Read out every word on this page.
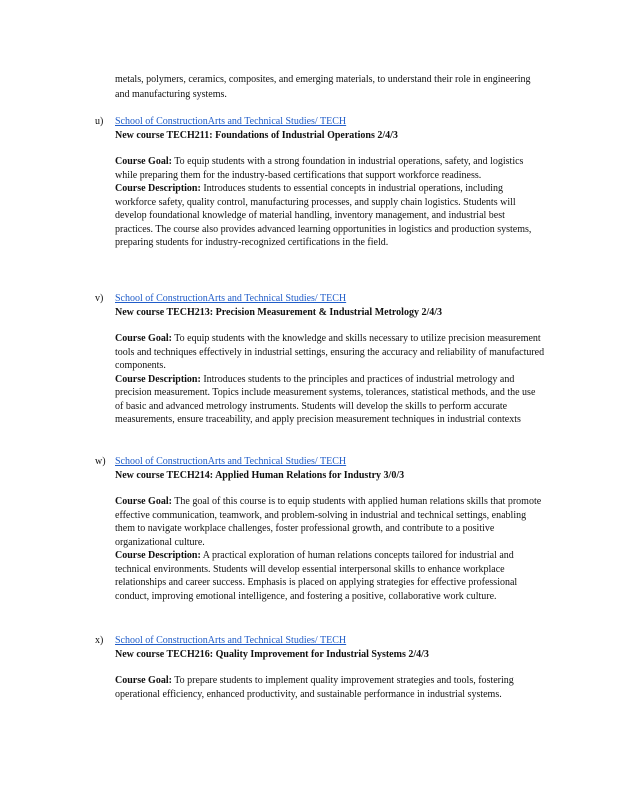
metals, polymers, ceramics, composites, and emerging materials, to understand their role in engineering and manufacturing systems.
u)	School of ConstructionArts and Technical Studies/ TECH
New course TECH211: Foundations of Industrial Operations 2/4/3

Course Goal: To equip students with a strong foundation in industrial operations, safety, and logistics while preparing them for the industry-based certifications that support workforce readiness.

Course Description: Introduces students to essential concepts in industrial operations, including workforce safety, quality control, manufacturing processes, and supply chain logistics. Students will develop foundational knowledge of material handling, inventory management, and industrial best practices. The course also provides advanced learning opportunities in logistics and production systems, preparing students for industry-recognized certifications in the field.

v)	School of ConstructionArts and Technical Studies/ TECH
New course TECH213: Precision Measurement & Industrial Metrology 2/4/3

Course Goal: To equip students with the knowledge and skills necessary to utilize precision measurement tools and techniques effectively in industrial settings, ensuring the accuracy and reliability of manufactured components.

Course Description: Introduces students to the principles and practices of industrial metrology and precision measurement. Topics include measurement systems, tolerances, statistical methods, and the use of basic and advanced metrology instruments. Students will develop the skills to perform accurate measurements, ensure traceability, and apply precision measurement techniques in industrial contexts

w) School of ConstructionArts and Technical Studies/ TECH
New course TECH214: Applied Human Relations for Industry 3/0/3

Course Goal: The goal of this course is to equip students with applied human relations skills that promote effective communication, teamwork, and problem-solving in industrial and technical settings, enabling them to navigate workplace challenges, foster professional growth, and contribute to a positive organizational culture.

Course Description: A practical exploration of human relations concepts tailored for industrial and technical environments. Students will develop essential interpersonal skills to enhance workplace relationships and career success. Emphasis is placed on applying strategies for effective professional conduct, improving emotional intelligence, and fostering a positive, collaborative work culture.

x)	School of ConstructionArts and Technical Studies/ TECH
New course TECH216: Quality Improvement for Industrial Systems 2/4/3

Course Goal: To prepare students to implement quality improvement strategies and tools, fostering operational efficiency, enhanced productivity, and sustainable performance in industrial systems.
